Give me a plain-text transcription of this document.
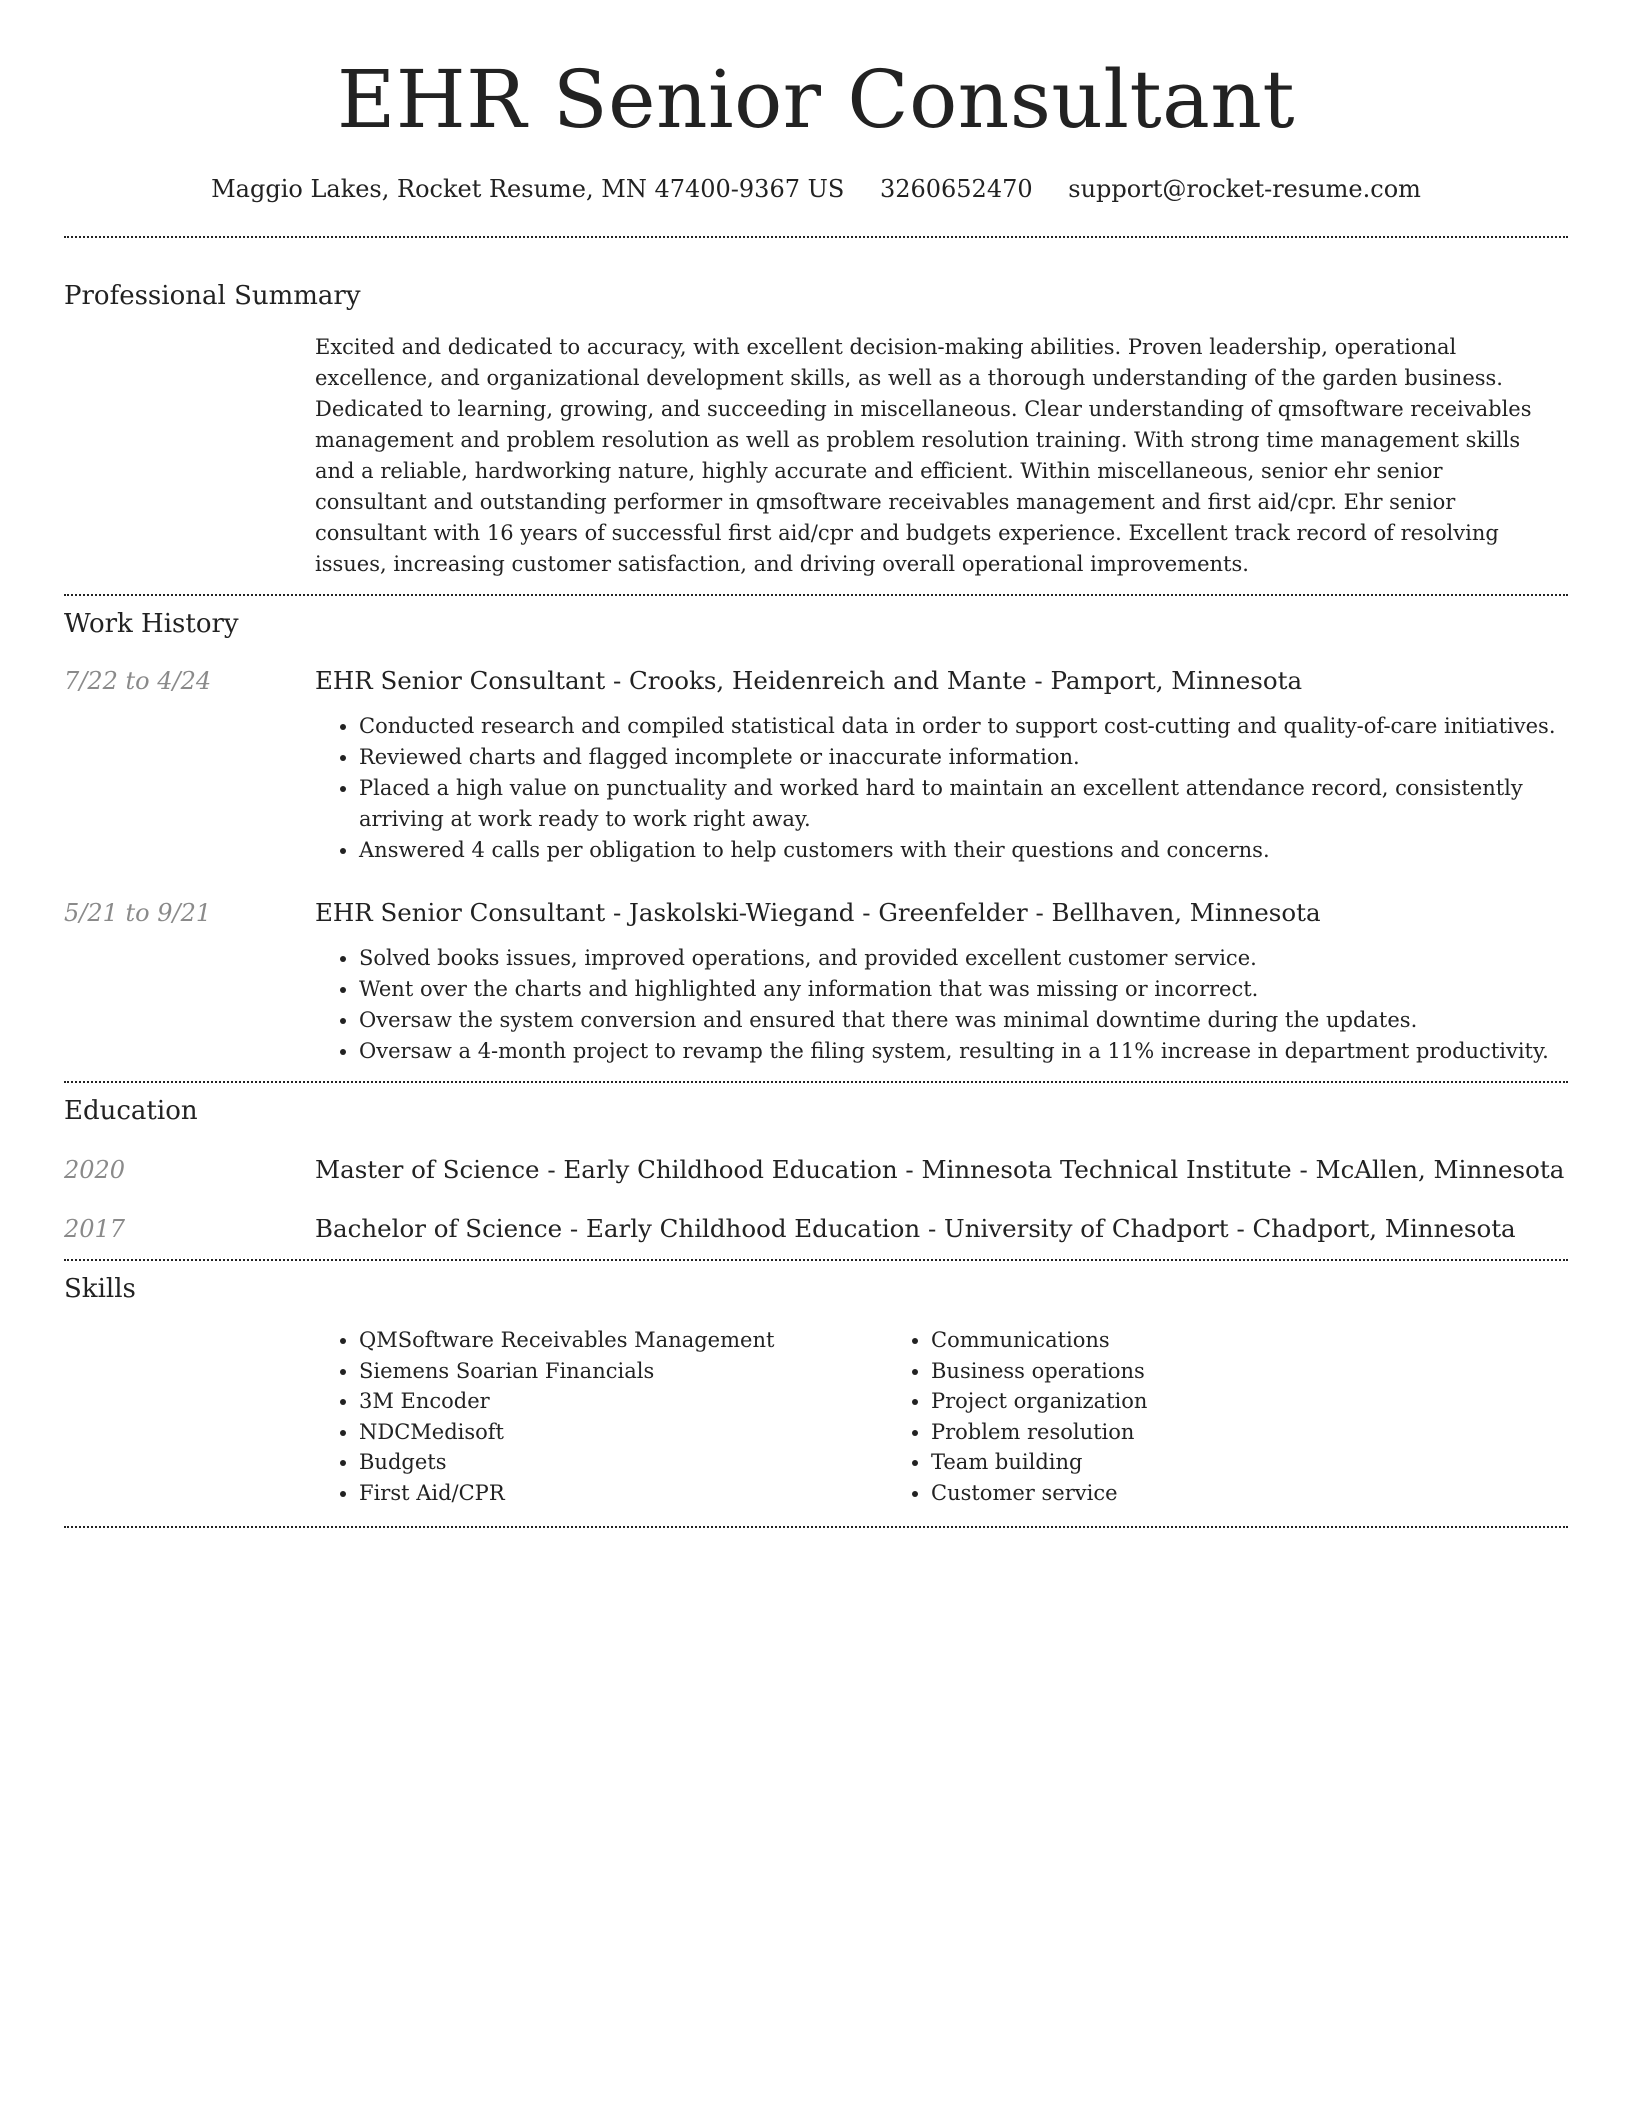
EHR Senior Consultant
Maggio Lakes, Rocket Resume, MN 47400-9367 US 3260652470 support@rocket-resume.com
Professional Summary

Excited and dedicated to accuracy, with excellent decision-making abilities. Proven leadership, operational excellence, and organizational development skills, as well as a thorough understanding of the garden business. Dedicated to learning, growing, and succeeding in miscellaneous. Clear understanding of qmsoftware receivables management and problem resolution as well as problem resolution training. With strong time management skills and a reliable, hardworking nature, highly accurate and efficient. Within miscellaneous, senior ehr senior consultant and outstanding performer in qmsoftware receivables management and first aid/cpr. Ehr senior consultant with 16 years of successful first aid/cpr and budgets experience. Excellent track record of resolving issues, increasing customer satisfaction, and driving overall operational improvements.

Work History
7/22 to 4/24	EHR Senior Consultant - Crooks, Heidenreich and Mante - Pamport, Minnesota
• Conducted research and compiled statistical data in order to support cost-cutting and quality-of-care initiatives.
• Reviewed charts and flagged incomplete or inaccurate information.
• Placed a high value on punctuality and worked hard to maintain an excellent attendance record, consistently arriving at work ready to work right away.
• Answered 4 calls per obligation to help customers with their questions and concerns.
5/21 to 9/21	EHR Senior Consultant - Jaskolski-Wiegand - Greenfelder - Bellhaven, Minnesota
• Solved books issues, improved operations, and provided excellent customer service.
• Went over the charts and highlighted any information that was missing or incorrect.
• Oversaw the system conversion and ensured that there was minimal downtime during the updates.
• Oversaw a 4-month project to revamp the filing system, resulting in a 11% increase in department productivity.
Education
2020	Master of Science - Early Childhood Education - Minnesota Technical Institute - McAllen, Minnesota
2017	Bachelor of Science - Early Childhood Education - University of Chadport - Chadport, Minnesota
Skills
• QMSoftware Receivables Management
• Siemens Soarian Financials
• 3M Encoder
• NDCMedisoft
• Budgets
• First Aid/CPR
• Communications
• Business operations
• Project organization
• Problem resolution
• Team building
• Customer service
